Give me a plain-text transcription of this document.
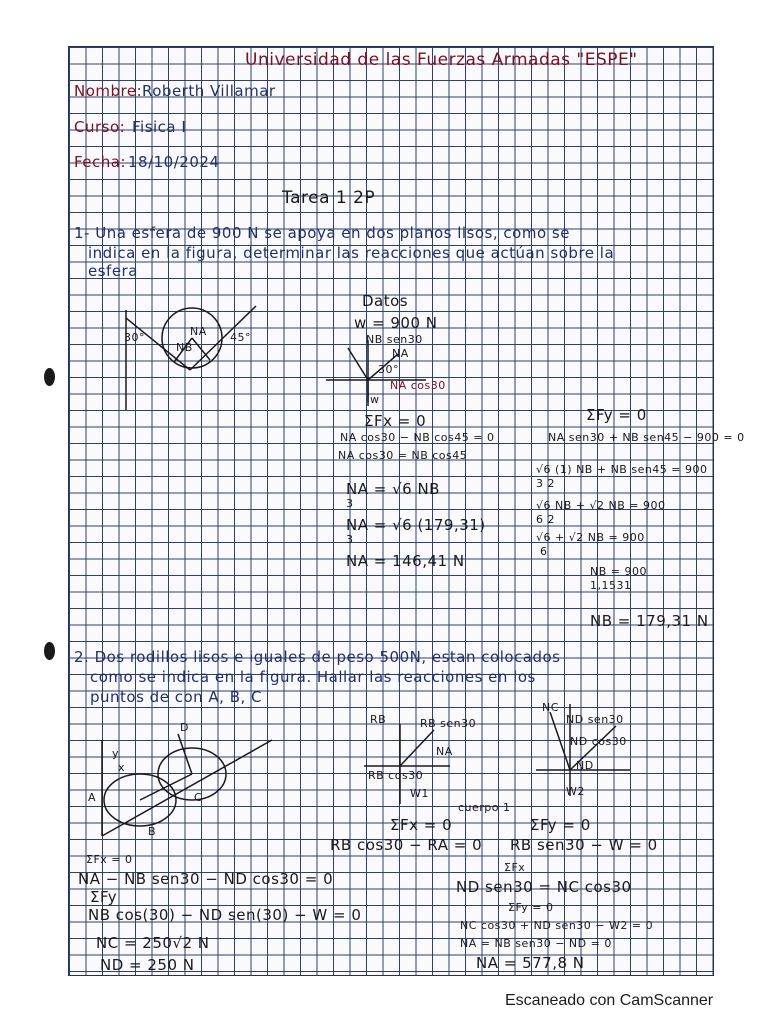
Universidad de las Fuerzas Armadas "ESPE"
Nombre: Roberth Villamar
Curso: Fisica I
Fecha: 18/10/2024
Tarea 1 2P
1- Una esfera de 900 N se apoya en dos planos lisos, como se
indica en la figura, determinar las reacciones que actúan sobre la
esfera
30°	45°
NA
NB
Datos
w = 900 N
NB sen30
NA
30°
NA cos30
w
ΣFx = 0	ΣFy = 0
NA cos30 − NB cos45 = 0
NA cos30 = NB cos45
NA = √6 NB
3
NA = √6 (179,31)
3
NA = 146,41 N
NA sen30 + NB sen45 − 900 = 0
√6 (1) NB + NB sen45 = 900
3 2
√6 NB + √2 NB = 900
6 2
√6 + √2 NB = 900
6
NB = 900
1,1531
NB = 179,31 N
2. Dos rodillos lisos e iguales de peso 500N, estan colocados
como se indica en la figura. Hallar las reacciones en los
puntos de con A, B, C
A
B
C
D
x
y
RB	RB sen30
NA
RB cos30
W1
NC
ND sen30
ND cos30
ND
W2
cuerpo 1
ΣFx = 0
RB cos30 − RA = 0
ΣFy = 0
RB sen30 − W = 0
ΣFx = 0
NA − NB sen30 − ND cos30 = 0
ΣFy
NB cos(30) − ND sen(30) − W = 0
NC = 250√2 N
ND = 250 N
ΣFx
ND sen30 = NC cos30
ΣFy = 0
NC cos30 + ND sen30 − W2 = 0
NA = NB sen30 − ND = 0
NA = 577,8 N
Escaneado con CamScanner
